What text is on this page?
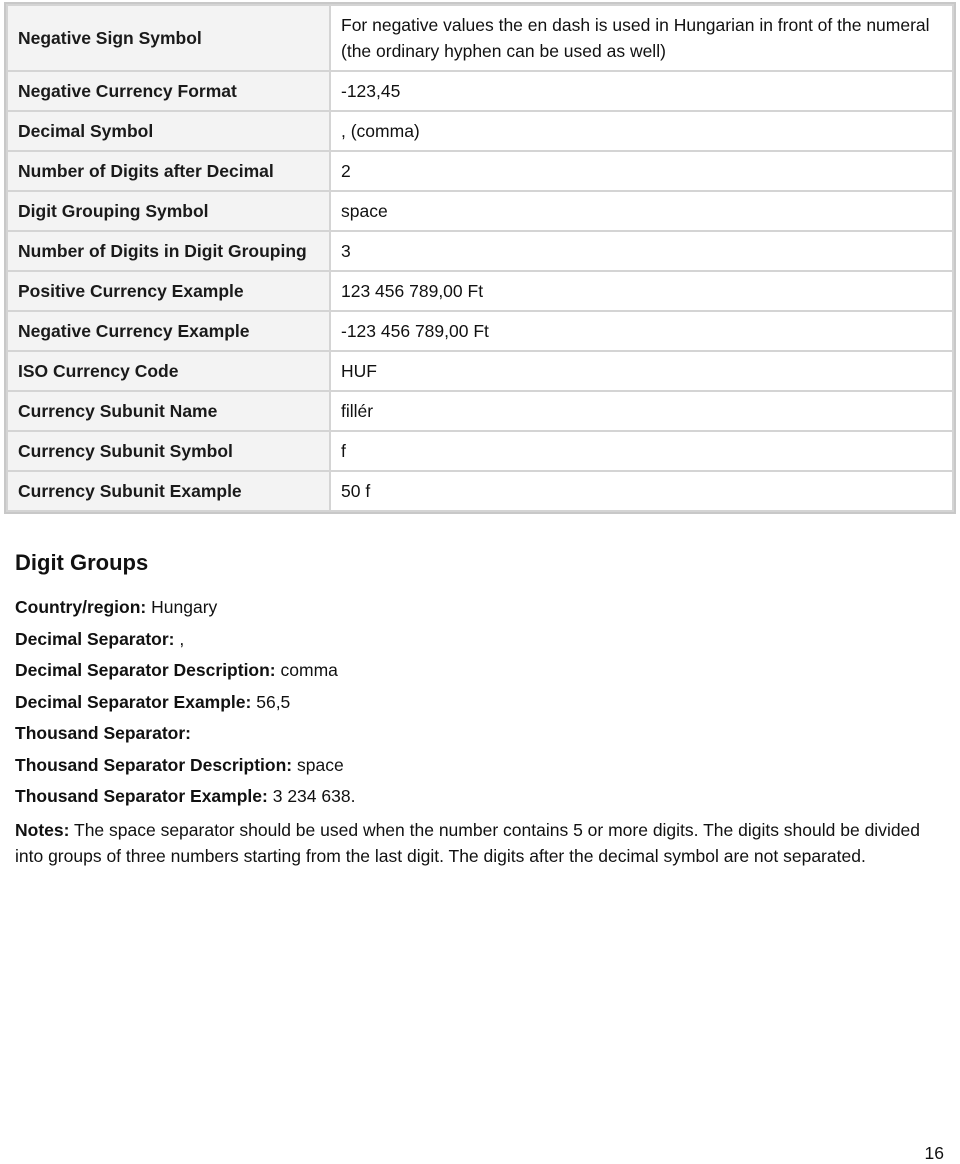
Negative Sign Symbol	For negative values the en dash is used in Hungarian in front of the numeral (the ordinary hyphen can be used as well)
Negative Currency Format	-123,45
Decimal Symbol	, (comma)
Number of Digits after Decimal	2
Digit Grouping Symbol	space
Number of Digits in Digit Grouping	3
Positive Currency Example	123 456 789,00 Ft
Negative Currency Example	-123 456 789,00 Ft
ISO Currency Code	HUF
Currency Subunit Name	fillér
Currency Subunit Symbol	f
Currency Subunit Example	50 f
Digit Groups
Country/region: Hungary
Decimal Separator: ,
Decimal Separator Description: comma
Decimal Separator Example: 56,5
Thousand Separator:
Thousand Separator Description: space
Thousand Separator Example: 3 234 638.
Notes: The space separator should be used when the number contains 5 or more digits. The digits should be divided into groups of three numbers starting from the last digit. The digits after the decimal symbol are not separated.
16
